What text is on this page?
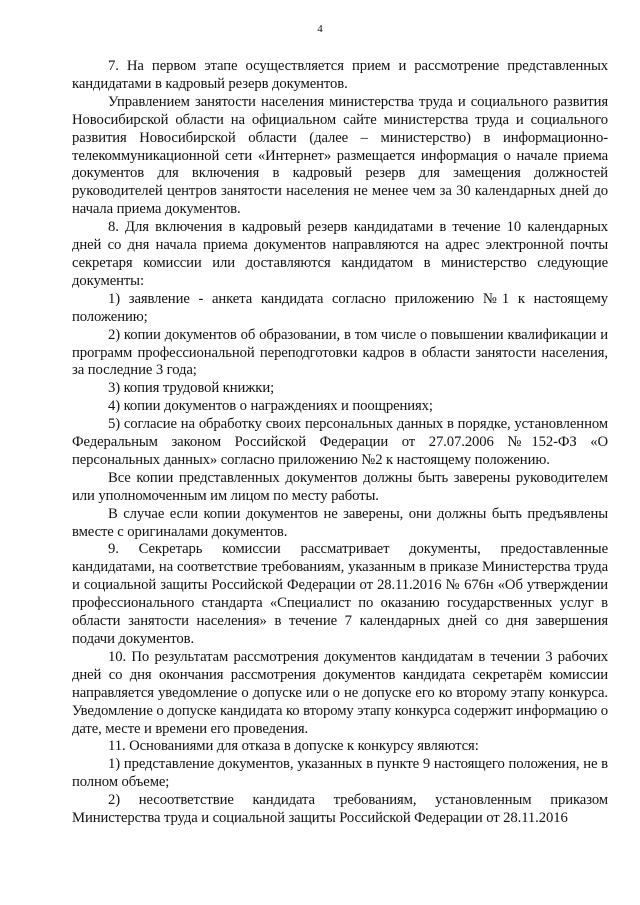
4

7. На первом этапе осуществляется прием и рассмотрение представленных кандидатами в кадровый резерв документов.

Управлением занятости населения министерства труда и социального развития Новосибирской области на официальном сайте министерства труда и социального развития Новосибирской области (далее – министерство) в информационно-телекоммуникационной сети «Интернет» размещается информация о начале приема документов для включения в кадровый резерв для замещения должностей руководителей центров занятости населения не менее чем за 30 календарных дней до начала приема документов.

8. Для включения в кадровый резерв кандидатами в течение 10 календарных дней со дня начала приема документов направляются на адрес электронной почты секретаря комиссии или доставляются кандидатом в министерство следующие документы:

1) заявление - анкета кандидата согласно приложению №1 к настоящему положению;

2) копии документов об образовании, в том числе о повышении квалификации и программ профессиональной переподготовки кадров в области занятости населения, за последние 3 года;

3) копия трудовой книжки;

4) копии документов о награждениях и поощрениях;

5) согласие на обработку своих персональных данных в порядке, установленном Федеральным законом Российской Федерации от 27.07.2006 №152-ФЗ «О персональных данных» согласно приложению №2 к настоящему положению.

Все копии представленных документов должны быть заверены руководителем или уполномоченным им лицом по месту работы.

В случае если копии документов не заверены, они должны быть предъявлены вместе с оригиналами документов.

9. Секретарь комиссии рассматривает документы, предоставленные кандидатами, на соответствие требованиям, указанным в приказе Министерства труда и социальной защиты Российской Федерации от 28.11.2016 № 676н «Об утверждении профессионального стандарта «Специалист по оказанию государственных услуг в области занятости населения» в течение 7 календарных дней со дня завершения подачи документов.

10. По результатам рассмотрения документов кандидатам в течении 3 рабочих дней со дня окончания рассмотрения документов кандидата секретарём комиссии направляется уведомление о допуске или о не допуске его ко второму этапу конкурса. Уведомление о допуске кандидата ко второму этапу конкурса содержит информацию о дате, месте и времени его проведения.

11. Основаниями для отказа в допуске к конкурсу являются:

1) представление документов, указанных в пункте 9 настоящего положения, не в полном объеме;

2) несоответствие кандидата требованиям, установленным приказом Министерства труда и социальной защиты Российской Федерации от 28.11.2016
